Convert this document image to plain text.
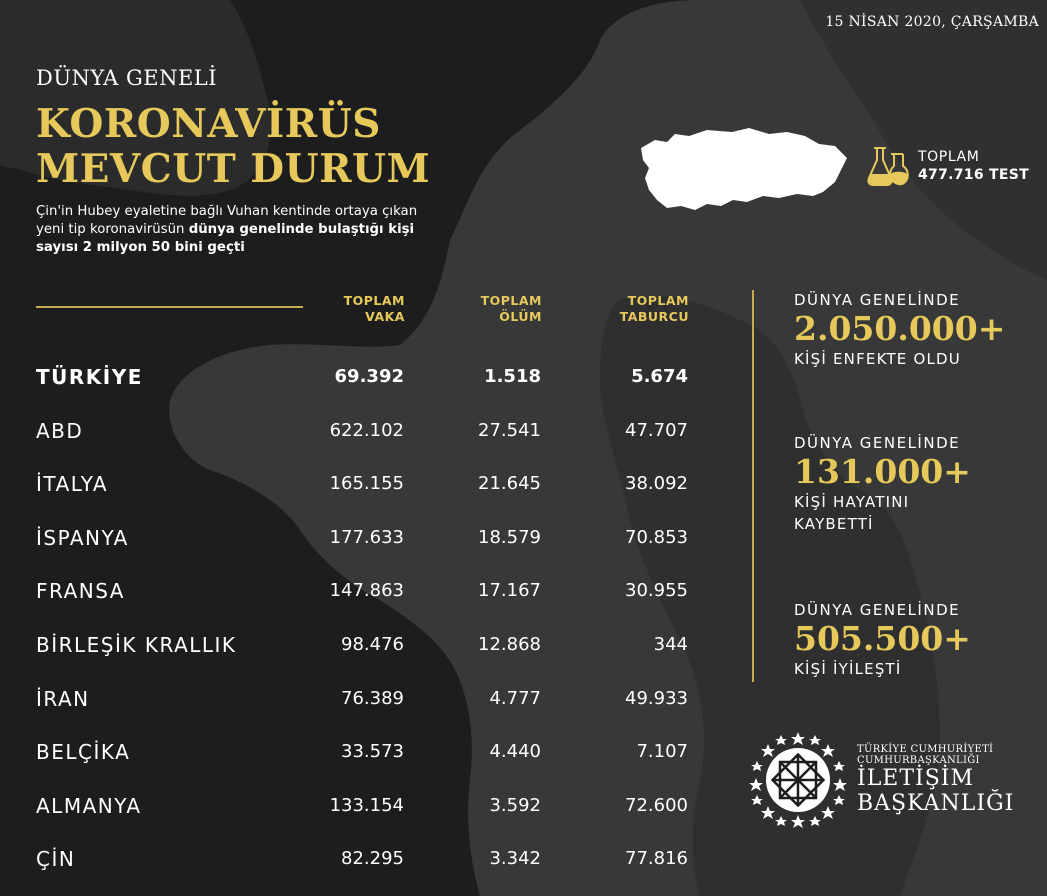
15 NİSAN 2020, ÇARŞAMBA
DÜNYA GENELİ
KORONAVİRÜS
MEVCUT DURUM
Çin'in Hubey eyaletine bağlı Vuhan kentinde ortaya çıkan yeni tip koronavirüsün dünya genelinde bulaştığı kişi sayısı 2 milyon 50 bini geçti
TOPLAM
477.716 TEST
TOPLAM
VAKA
TOPLAM
ÖLÜM
TOPLAM
TABURCU
TÜRKİYE	69.392	1.518	5.674
ABD	622.102	27.541	47.707
İTALYA	165.155	21.645	38.092
İSPANYA	177.633	18.579	70.853
FRANSA	147.863	17.167	30.955
BİRLEŞİK KRALLIK	98.476	12.868	344
İRAN	76.389	4.777	49.933
BELÇİKA	33.573	4.440	7.107
ALMANYA	133.154	3.592	72.600
ÇİN	82.295	3.342	77.816
DÜNYA GENELİNDE
2.050.000+
KİŞİ ENFEKTE OLDU
DÜNYA GENELİNDE
131.000+
KİŞİ HAYATINI
KAYBETTİ
DÜNYA GENELİNDE
505.500+
KİŞİ İYİLEŞTİ
TÜRKİYE CUMHURİYETİ
CUMHURBAŞKANLIĞI
İLETİŞİM
BAŞKANLIĞI
